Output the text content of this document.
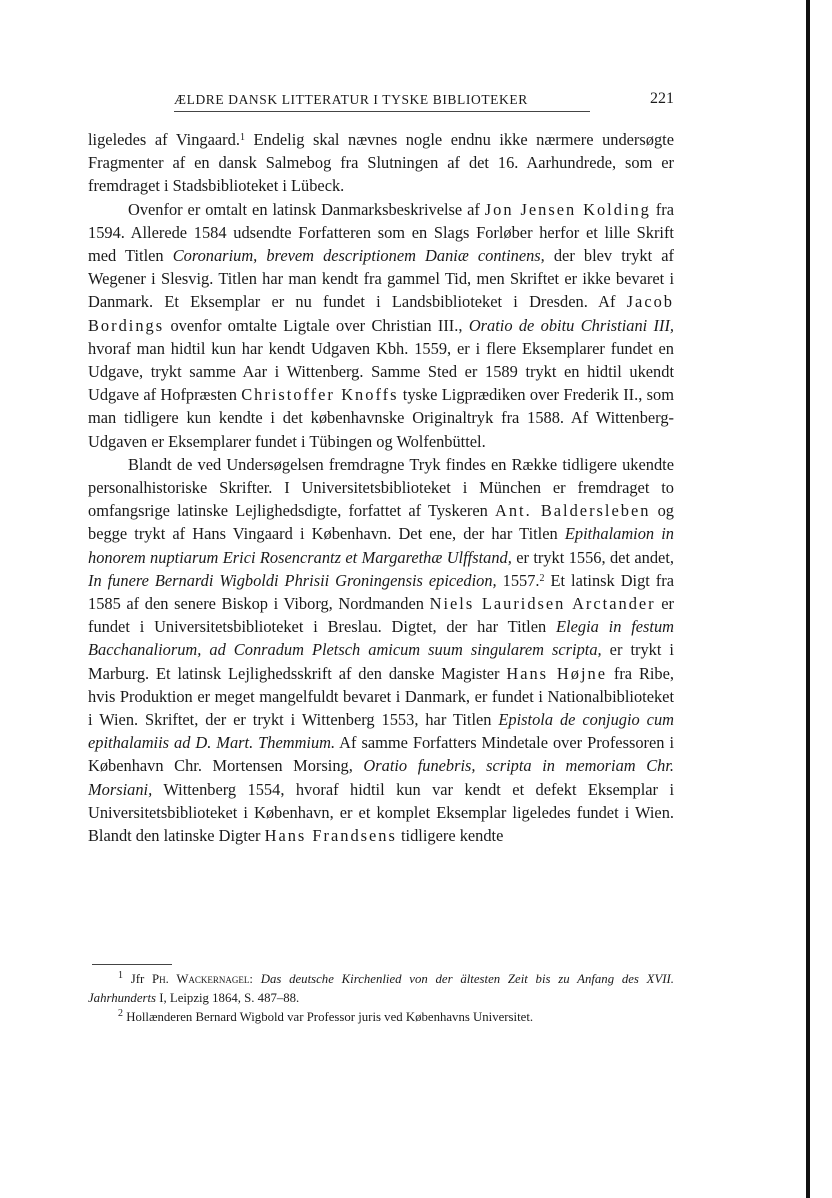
ÆLDRE DANSK LITTERATUR I TYSKE BIBLIOTEKER	221

ligeledes af Vingaard.$^1$ Endelig skal nævnes nogle endnu ikke nærmere undersøgte Fragmenter af en dansk Salmebog fra Slutningen af det 16. Aarhundrede, som er fremdraget i Stadsbiblioteket i Lübeck.

Ovenfor er omtalt en latinsk Danmarksbeskrivelse af Jon Jensen Kolding fra 1594. Allerede 1584 udsendte Forfatteren som en Slags Forløber herfor et lille Skrift med Titlen Coronarium, brevem descriptionem Daniæ continens, der blev trykt af Wegener i Slesvig. Titlen har man kendt fra gammel Tid, men Skriftet er ikke bevaret i Danmark. Et Eksemplar er nu fundet i Landsbiblioteket i Dresden. Af Jacob Bordings ovenfor omtalte Ligtale over Christian III., Oratio de obitu Christiani III, hvoraf man hidtil kun har kendt Udgaven Kbh. 1559, er i flere Eksemplarer fundet en Udgave, trykt samme Aar i Wittenberg. Samme Sted er 1589 trykt en hidtil ukendt Udgave af Hofpræsten Christoffer Knoffs tyske Ligprædiken over Frederik II., som man tidligere kun kendte i det københavnske Originaltryk fra 1588. Af Wittenberg-Udgaven er Eksemplarer fundet i Tübingen og Wolfenbüttel.

Blandt de ved Undersøgelsen fremdragne Tryk findes en Række tidligere ukendte personalhistoriske Skrifter. I Universitetsbiblioteket i München er fremdraget to omfangsrige latinske Lejlighedsdigte, forfattet af Tyskeren Ant. Baldersleben og begge trykt af Hans Vingaard i København. Det ene, der har Titlen Epithalamion in honorem nuptiarum Erici Rosencrantz et Margarethæ Ulffstand, er trykt 1556, det andet, In funere Bernardi Wigboldi Phrisii Groningensis epicedion, 1557.$^2$ Et latinsk Digt fra 1585 af den senere Biskop i Viborg, Nordmanden Niels Lauridsen Arctander er fundet i Universitetsbiblioteket i Breslau. Digtet, der har Titlen Elegia in festum Bacchanaliorum, ad Conradum Pletsch amicum suum singularem scripta, er trykt i Marburg. Et latinsk Lejlighedsskrift af den danske Magister Hans Højne fra Ribe, hvis Produktion er meget mangelfuldt bevaret i Danmark, er fundet i Nationalbiblioteket i Wien. Skriftet, der er trykt i Wittenberg 1553, har Titlen Epistola de conjugio cum epithalamiis ad D. Mart. Themmium. Af samme Forfatters Mindetale over Professoren i København Chr. Mortensen Morsing, Oratio funebris, scripta in memoriam Chr. Morsiani, Wittenberg 1554, hvoraf hidtil kun var kendt et defekt Eksemplar i Universitetsbiblioteket i København, er et komplet Eksemplar ligeledes fundet i Wien. Blandt den latinske Digter Hans Frandsens tidligere kendte

$^1$ Jfr Ph. Wackernagel: Das deutsche Kirchenlied von der ältesten Zeit bis zu Anfang des XVII. Jahrhunderts I, Leipzig 1864, S. 487–88.

$^2$ Hollænderen Bernard Wigbold var Professor juris ved Københavns Universitet.
